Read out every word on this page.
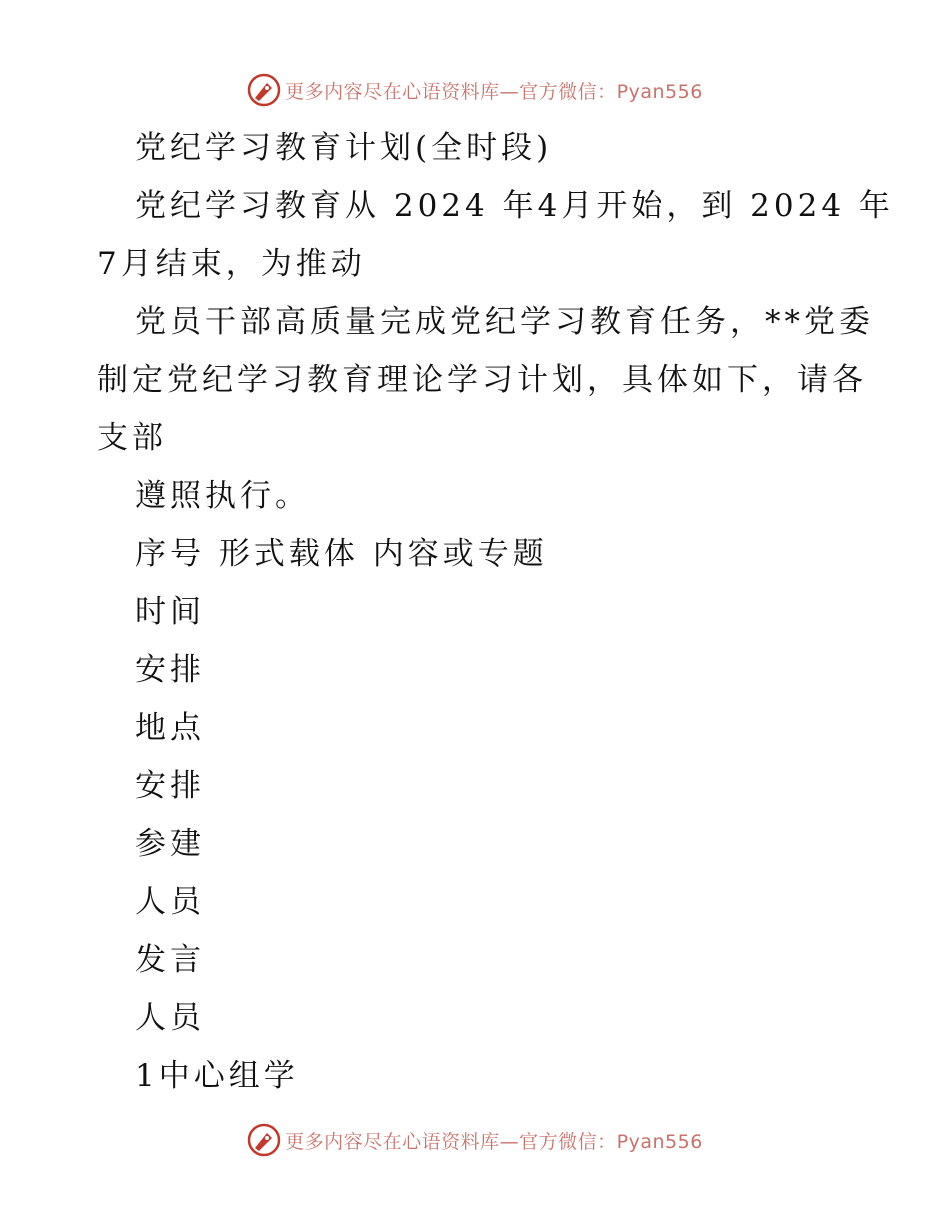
更多内容尽在心语资料库—官方微信：Pyan556
党纪学习教育计划(全时段)
党纪学习教育从 2024 年4月开始，到 2024 年
7月结束，为推动
党员干部高质量完成党纪学习教育任务，**党委
制定党纪学习教育理论学习计划，具体如下，请各
支部
遵照执行。
序号 形式载体 内容或专题
时间
安排
地点
安排
参建
人员
发言
人员
1中心组学
更多内容尽在心语资料库—官方微信：Pyan556
